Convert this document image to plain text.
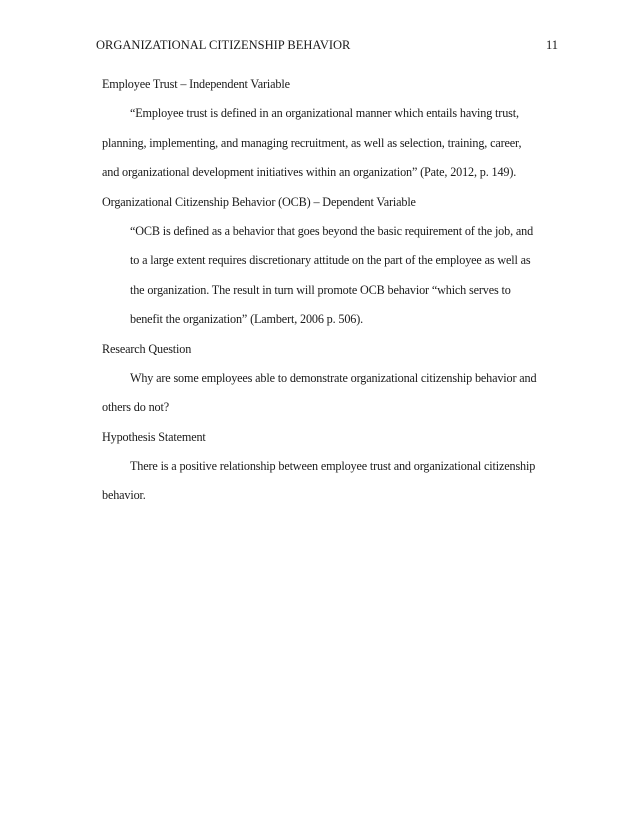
ORGANIZATIONAL CITIZENSHIP BEHAVIOR	11
Employee Trust – Independent Variable
“Employee trust is defined in an organizational manner which entails having trust,
planning, implementing, and managing recruitment, as well as selection, training, career,
and organizational development initiatives within an organization” (Pate, 2012, p. 149).
Organizational Citizenship Behavior (OCB) – Dependent Variable
“OCB is defined as a behavior that goes beyond the basic requirement of the job, and
to a large extent requires discretionary attitude on the part of the employee as well as
the organization. The result in turn will promote OCB behavior “which serves to
benefit the organization” (Lambert, 2006 p. 506).
Research Question
Why are some employees able to demonstrate organizational citizenship behavior and
others do not?
Hypothesis Statement
There is a positive relationship between employee trust and organizational citizenship
behavior.
